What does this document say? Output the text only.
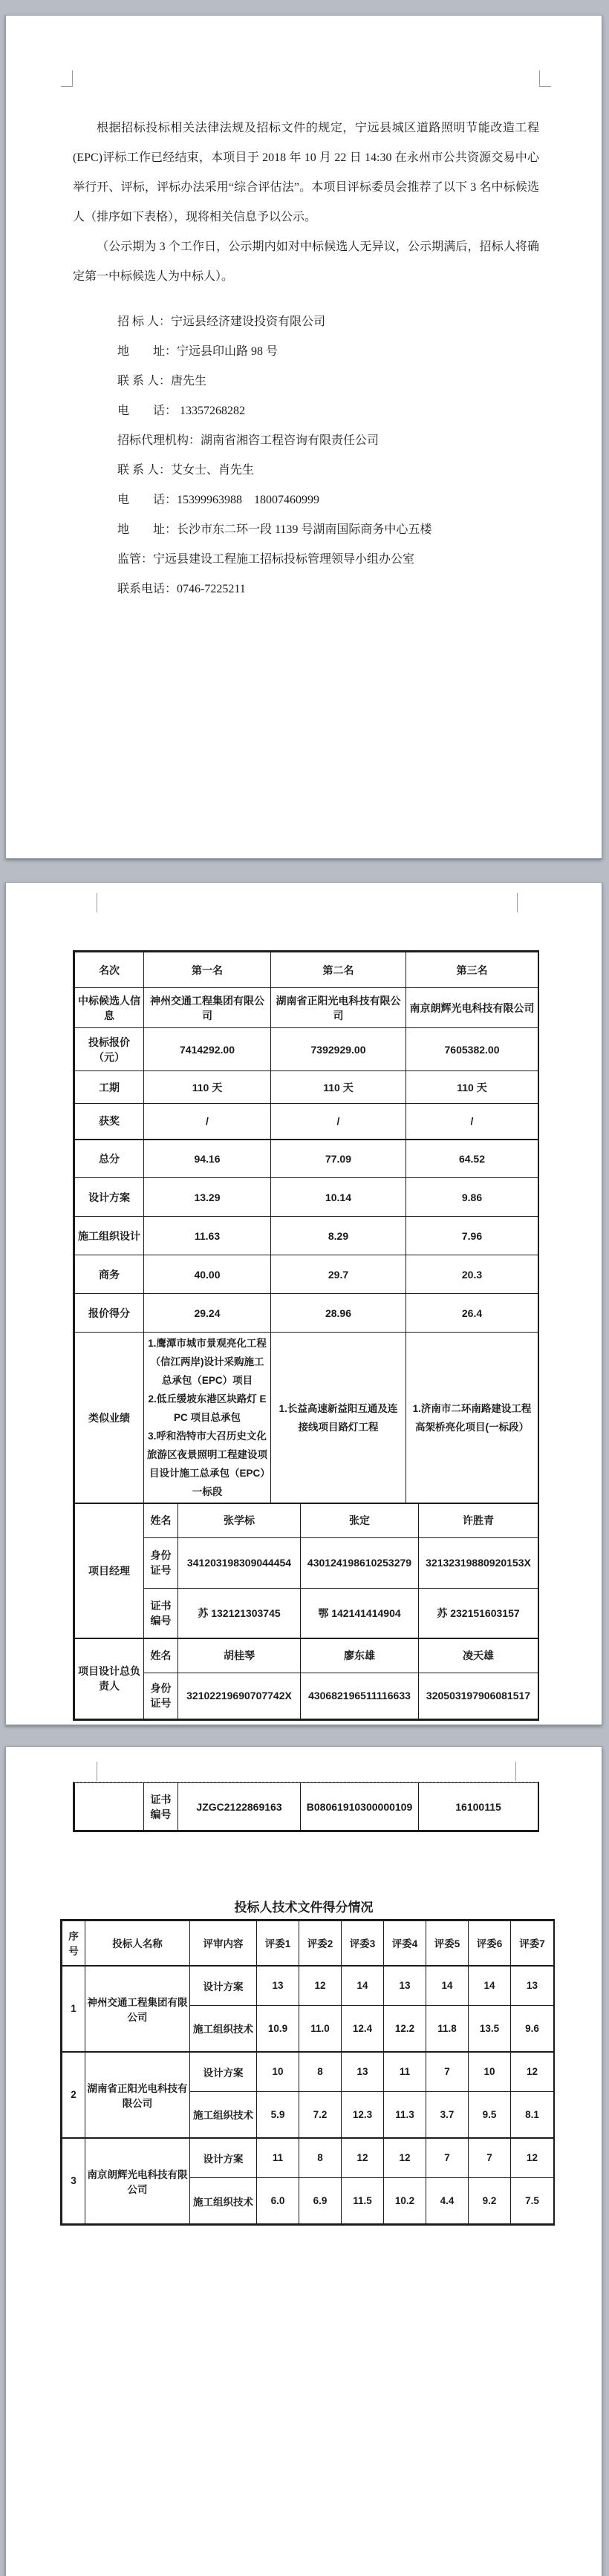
根据招标投标相关法律法规及招标文件的规定，宁远县城区道路照明节能改造工程(EPC)评标工作已经结束，本项目于 2018 年 10 月 22 日 14:30 在永州市公共资源交易中心举行开、评标，评标办法采用“综合评估法”。本项目评标委员会推荐了以下 3 名中标候选人（排序如下表格），现将相关信息予以公示。

（公示期为 3 个工作日，公示期内如对中标候选人无异议，公示期满后，招标人将确定第一中标候选人为中标人）。

招 标 人：宁远县经济建设投资有限公司
地　　址：宁远县印山路 98 号
联 系 人：唐先生
电　　话： 13357268282
招标代理机构：湖南省湘咨工程咨询有限责任公司
联 系 人：艾女士、肖先生
电　　话：15399963988　18007460999
地　　址：长沙市东二环一段 1139 号湖南国际商务中心五楼
监管：宁远县建设工程施工招标投标管理领导小组办公室
联系电话：0746-7225211
名次	第一名		第二名		第三名	
中标候选人信息	神州交通工程集团有限公司		湖南省正阳光电科技有限公司		南京朗辉光电科技有限公司	
投标报价（元）	7414292.00		7392929.00		7605382.00	
工期	110 天		110 天		110 天	
获奖	/		/		/	
总分	94.16		77.09		64.52	
设计方案	13.29		10.14		9.86	
施工组织设计	11.63		8.29		7.96	
商务	40.00		29.7		20.3	
报价得分	29.24		28.96		26.4	
类似业绩	1.鹰潭市城市景观亮化工程（信江两岸)设计采购施工总承包（EPC）项目
2.低丘缓坡东港区块路灯 EPC 项目总承包
3.呼和浩特市大召历史文化旅游区夜景照明工程建设项目设计施工总承包（EPC）一标段		1.长益高速新益阳互通及连接线项目路灯工程		1.济南市二环南路建设工程高架桥亮化项目(一标段）	
项目经理	姓名	张学标		张定		许胜青
	身份证号	341203198309044454		430124198610253279		32132319880920153X
	证书编号	苏 132121303745		鄂 142141414904		苏 232151603157
项目设计总负责人	姓名	胡桂琴		廖东雄		凌天雄
	身份证号	32102219690707742X		430682196511116633		320503197906081517
	证书编号	JZGC2122869163	B08061910300000109	16100115
投标人技术文件得分情况
序号	投标人名称	评审内容	评委1	评委2	评委3	评委4	评委5	评委6	评委7
1	神州交通工程集团有限公司	设计方案	13	12	14	13	14	14	13
		施工组织技术	10.9	11.0	12.4	12.2	11.8	13.5	9.6
2	湖南省正阳光电科技有限公司	设计方案	10	8	13	11	7	10	12
		施工组织技术	5.9	7.2	12.3	11.3	3.7	9.5	8.1
3	南京朗辉光电科技有限公司	设计方案	11	8	12	12	7	7	12
		施工组织技术	6.0	6.9	11.5	10.2	4.4	9.2	7.5
